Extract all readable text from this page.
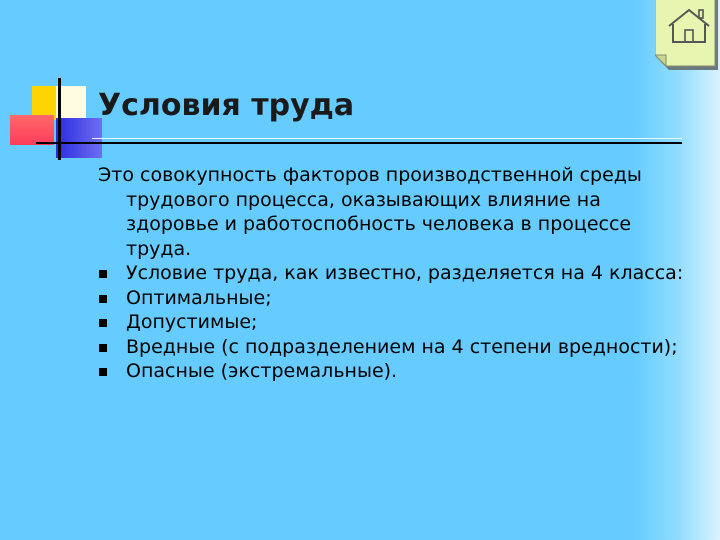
Условия труда

Это совокупность факторов производственной среды трудового процесса, оказывающих влияние на здоровье и работоспобность человека в процессе труда.

Условие труда, как известно, разделяется на 4 класса:
Оптимальные;
Допустимые;
Вредные (с подразделением на 4 степени вредности);
Опасные (экстремальные).
